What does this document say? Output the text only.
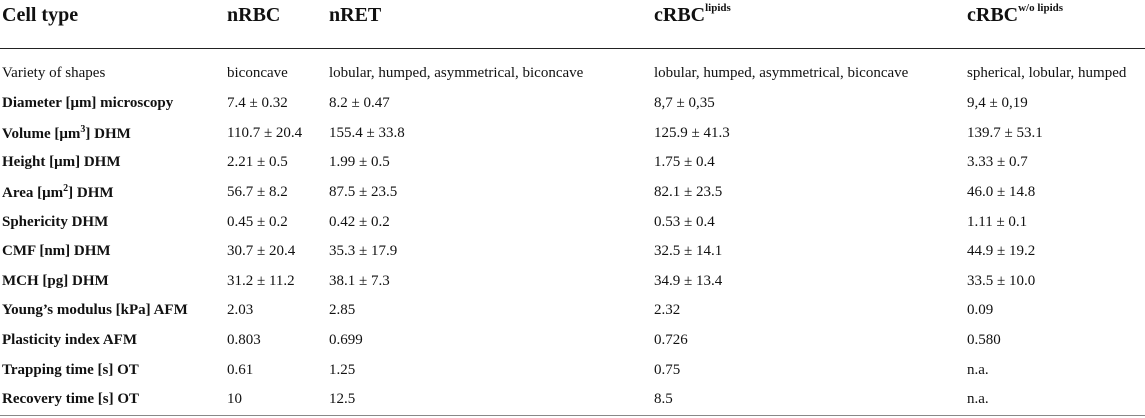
Cell type	nRBC	nRET	cRBC$^{lipids}$	cRBC$^{w/o lipids}$
Variety of shapes	biconcave	lobular, humped, asymmetrical, biconcave	lobular, humped, asymmetrical, biconcave	spherical, lobular, humped
Diameter [μm] microscopy	7.4 ± 0.32	8.2 ± 0.47	8,7 ± 0,35	9,4 ± 0,19
Volume $[\mu m^3]$ DHM	110.7 ± 20.4	155.4 ± 33.8	125.9 ± 41.3	139.7 ± 53.1
Height [μm] DHM	2.21 ± 0.5	1.99 ± 0.5	1.75 ± 0.4	3.33 ± 0.7
Area $[\mu m^2]$ DHM	56.7 ± 8.2	87.5 ± 23.5	82.1 ± 23.5	46.0 ± 14.8
Sphericity DHM	0.45 ± 0.2	0.42 ± 0.2	0.53 ± 0.4	1.11 ± 0.1
CMF [nm] DHM	30.7 ± 20.4	35.3 ± 17.9	32.5 ± 14.1	44.9 ± 19.2
MCH [pg] DHM	31.2 ± 11.2	38.1 ± 7.3	34.9 ± 13.4	33.5 ± 10.0
Young’s modulus [kPa] AFM	2.03	2.85	2.32	0.09
Plasticity index AFM	0.803	0.699	0.726	0.580
Trapping time [s] OT	0.61	1.25	0.75	n.a.
Recovery time [s] OT	10	12.5	8.5	n.a.
